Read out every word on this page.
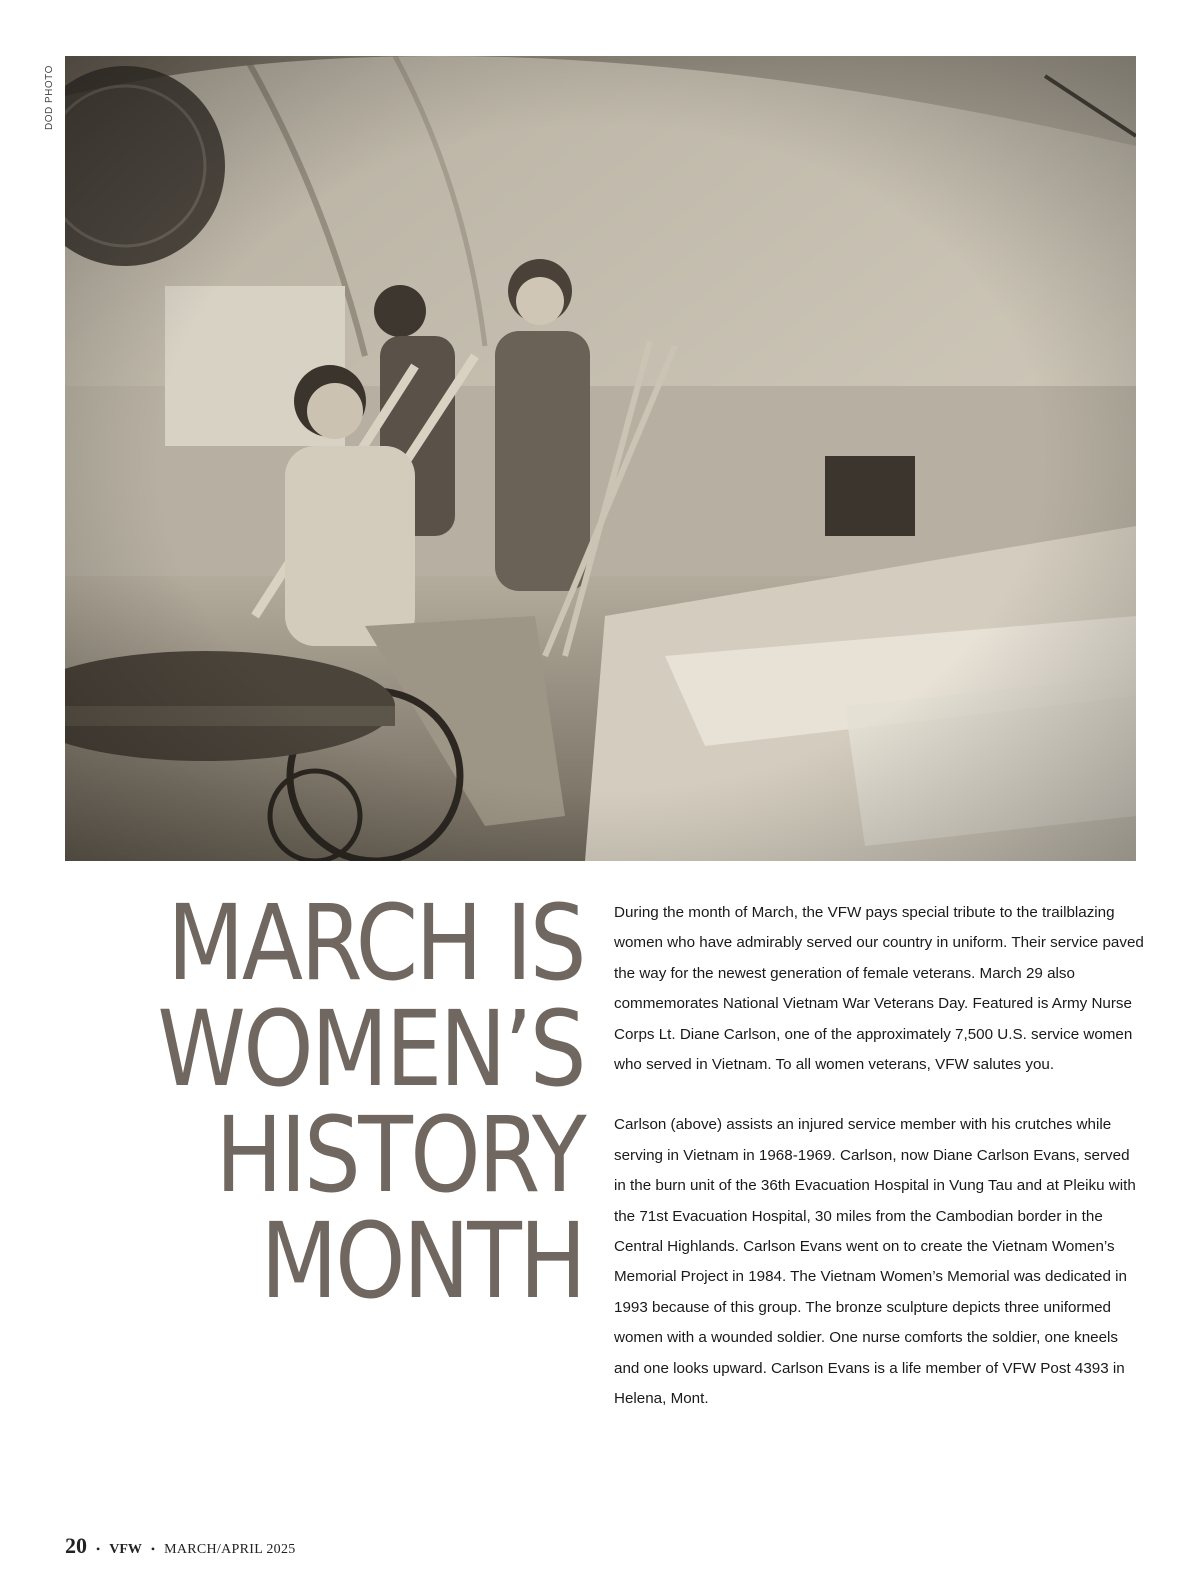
DOD PHOTO
MARCH IS
WOMEN’S
HISTORY
MONTH

During the month of March, the VFW pays special tribute to the trailblazing women who have admirably served our country in uniform. Their service paved the way for the newest generation of female veterans. March 29 also commemorates National Vietnam War Veterans Day. Featured is Army Nurse Corps Lt. Diane Carlson, one of the approximately 7,500 U.S. service women who served in Vietnam. To all women veterans, VFW salutes you.

Carlson (above) assists an injured service member with his crutches while serving in Vietnam in 1968-1969. Carlson, now Diane Carlson Evans, served in the burn unit of the 36th Evacuation Hospital in Vung Tau and at Pleiku with the 71st Evacuation Hospital, 30 miles from the Cambodian border in the Central Highlands. Carlson Evans went on to create the Vietnam Women’s Memorial Project in 1984. The Vietnam Women’s Memorial was dedicated in 1993 because of this group. The bronze sculpture depicts three uniformed women with a wounded soldier. One nurse comforts the soldier, one kneels and one looks upward. Carlson Evans is a life member of VFW Post 4393 in Helena, Mont.

20 • VFW • MARCH/APRIL 2025
